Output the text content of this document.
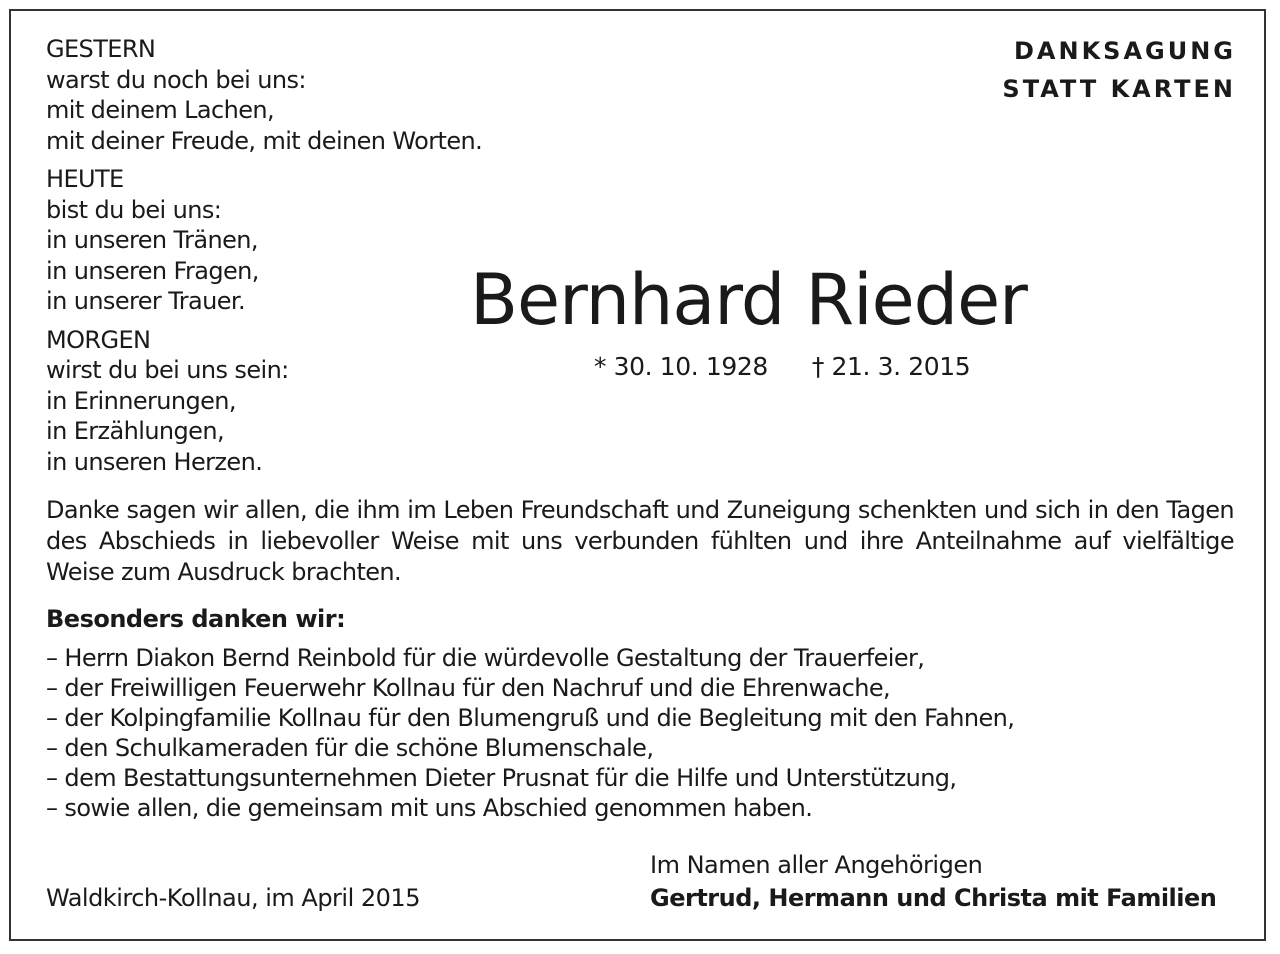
GESTERN
warst du noch bei uns:
mit deinem Lachen,
mit deiner Freude, mit deinen Worten.
HEUTE
bist du bei uns:
in unseren Tränen,
in unseren Fragen,
in unserer Trauer.
MORGEN
wirst du bei uns sein:
in Erinnerungen,
in Erzählungen,
in unseren Herzen.
DANKSAGUNG
STATT KARTEN
Bernhard Rieder
* 30. 10. 1928 † 21. 3. 2015
Danke sagen wir allen, die ihm im Leben Freundschaft und Zuneigung schenkten und sich in den Tagen des Abschieds in liebevoller Weise mit uns verbunden fühlten und ihre Anteilnahme auf vielfältige Weise zum Ausdruck brachten.
Besonders danken wir:
– Herrn Diakon Bernd Reinbold für die würdevolle Gestaltung der Trauerfeier,
– der Freiwilligen Feuerwehr Kollnau für den Nachruf und die Ehrenwache,
– der Kolpingfamilie Kollnau für den Blumengruß und die Begleitung mit den Fahnen,
– den Schulkameraden für die schöne Blumenschale,
– dem Bestattungsunternehmen Dieter Prusnat für die Hilfe und Unterstützung,
– sowie allen, die gemeinsam mit uns Abschied genommen haben.
Waldkirch-Kollnau, im April 2015
Im Namen aller Angehörigen
Gertrud, Hermann und Christa mit Familien
